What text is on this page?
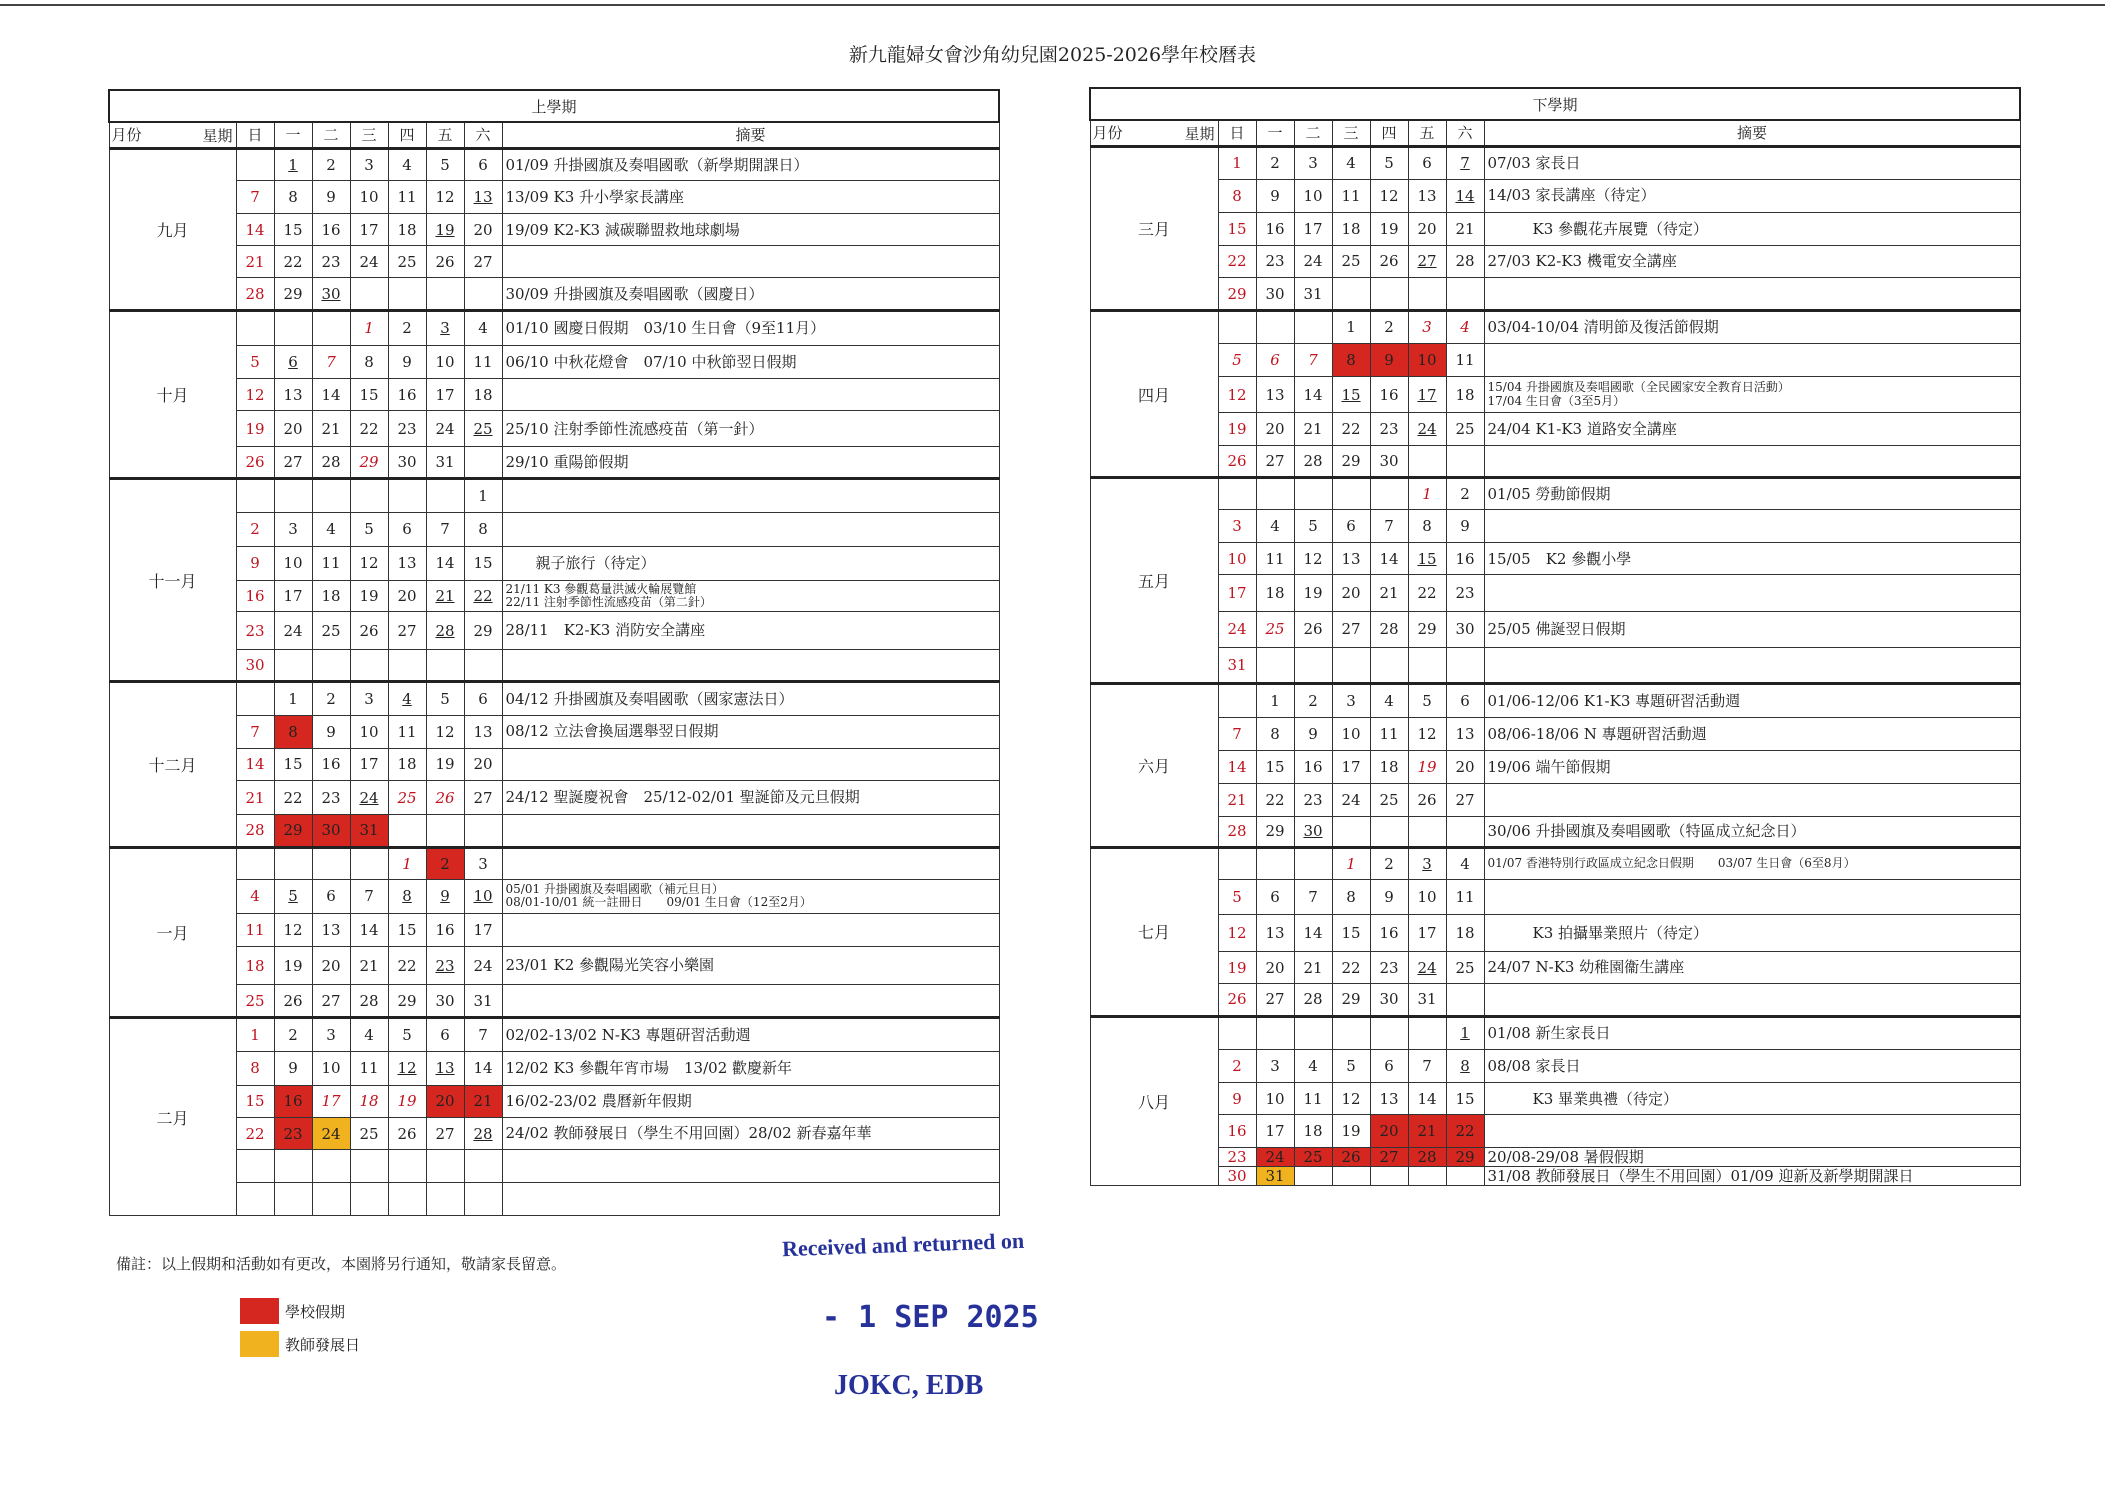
新九龍婦女會沙角幼兒園2025-2026學年校曆表
上學期								

月份 星期	日	一	二	三	四	五	六	摘要
九月		1	2	3	4	5	6	01/09 升掛國旗及奏唱國歌（新學期開課日）
	7	8	9	10	11	12	13	13/09 K3 升小學家長講座
	14	15	16	17	18	19	20	19/09 K2-K3 減碳聯盟救地球劇場
	21	22	23	24	25	26	27	
	28	29	30					30/09 升掛國旗及奏唱國歌（國慶日）
十月				1	2	3	4	01/10 國慶日假期　03/10 生日會（9至11月）
	5	6	7	8	9	10	11	06/10 中秋花燈會　07/10 中秋節翌日假期
	12	13	14	15	16	17	18	
	19	20	21	22	23	24	25	25/10 注射季節性流感疫苗（第一針）
	26	27	28	29	30	31		29/10 重陽節假期
十一月							1	
	2	3	4	5	6	7	8	
	9	10	11	12	13	14	15	　　親子旅行（待定）
	16	17	18	19	20	21	22	21/11 K3 參觀葛量洪滅火輪展覽館
22/11 注射季節性流感疫苗（第二針）
	23	24	25	26	27	28	29	28/11　K2-K3 消防安全講座
	30							
十二月		1	2	3	4	5	6	04/12 升掛國旗及奏唱國歌（國家憲法日）
	7	8	9	10	11	12	13	08/12 立法會換屆選舉翌日假期
	14	15	16	17	18	19	20	
	21	22	23	24	25	26	27	24/12 聖誕慶祝會　25/12-02/01 聖誕節及元旦假期
	28	29	30	31				
一月					1	2	3	
	4	5	6	7	8	9	10	05/01 升掛國旗及奏唱國歌（補元旦日）
08/01-10/01 統一註冊日　　09/01 生日會（12至2月）
	11	12	13	14	15	16	17	
	18	19	20	21	22	23	24	23/01 K2 參觀陽光笑容小樂園
	25	26	27	28	29	30	31	
二月	1	2	3	4	5	6	7	02/02-13/02 N-K3 專題研習活動週
	8	9	10	11	12	13	14	12/02 K3 參觀年宵市場　13/02 歡慶新年
	15	16	17	18	19	20	21	16/02-23/02 農曆新年假期
	22	23	24	25	26	27	28	24/02 教師發展日（學生不用回園）28/02 新春嘉年華

下學期								

月份 星期	日	一	二	三	四	五	六	摘要
三月	1	2	3	4	5	6	7	07/03 家長日
	8	9	10	11	12	13	14	14/03 家長講座（待定）
	15	16	17	18	19	20	21	　　　K3 參觀花卉展覽（待定）
	22	23	24	25	26	27	28	27/03 K2-K3 機電安全講座
	29	30	31					
四月				1	2	3	4	03/04-10/04 清明節及復活節假期
	5	6	7	8	9	10	11	
	12	13	14	15	16	17	18	15/04 升掛國旗及奏唱國歌（全民國家安全教育日活動）
17/04 生日會（3至5月）
	19	20	21	22	23	24	25	24/04 K1-K3 道路安全講座
	26	27	28	29	30			
五月						1	2	01/05 勞動節假期
	3	4	5	6	7	8	9	
	10	11	12	13	14	15	16	15/05　K2 參觀小學
	17	18	19	20	21	22	23	
	24	25	26	27	28	29	30	25/05 佛誕翌日假期
	31							
六月		1	2	3	4	5	6	01/06-12/06 K1-K3 專題研習活動週
	7	8	9	10	11	12	13	08/06-18/06 N 專題研習活動週
	14	15	16	17	18	19	20	19/06 端午節假期
	21	22	23	24	25	26	27	
	28	29	30					30/06 升掛國旗及奏唱國歌（特區成立紀念日）
七月				1	2	3	4	01/07 香港特別行政區成立紀念日假期　　03/07 生日會（6至8月）
	5	6	7	8	9	10	11	
	12	13	14	15	16	17	18	　　　K3 拍攝畢業照片（待定）
	19	20	21	22	23	24	25	24/07 N-K3 幼稚園衞生講座
	26	27	28	29	30	31		
八月							1	01/08 新生家長日
	2	3	4	5	6	7	8	08/08 家長日
	9	10	11	12	13	14	15	　　　K3 畢業典禮（待定）
	16	17	18	19	20	21	22	
	23	24	25	26	27	28	29	20/08-29/08 暑假假期
	30	31						31/08 教師發展日（學生不用回園）01/09 迎新及新學期開課日
備註：以上假期和活動如有更改，本園將另行通知，敬請家長留意。
學校假期
教師發展日
Received and returned on
- 1 SEP 2025
JOKC, EDB
